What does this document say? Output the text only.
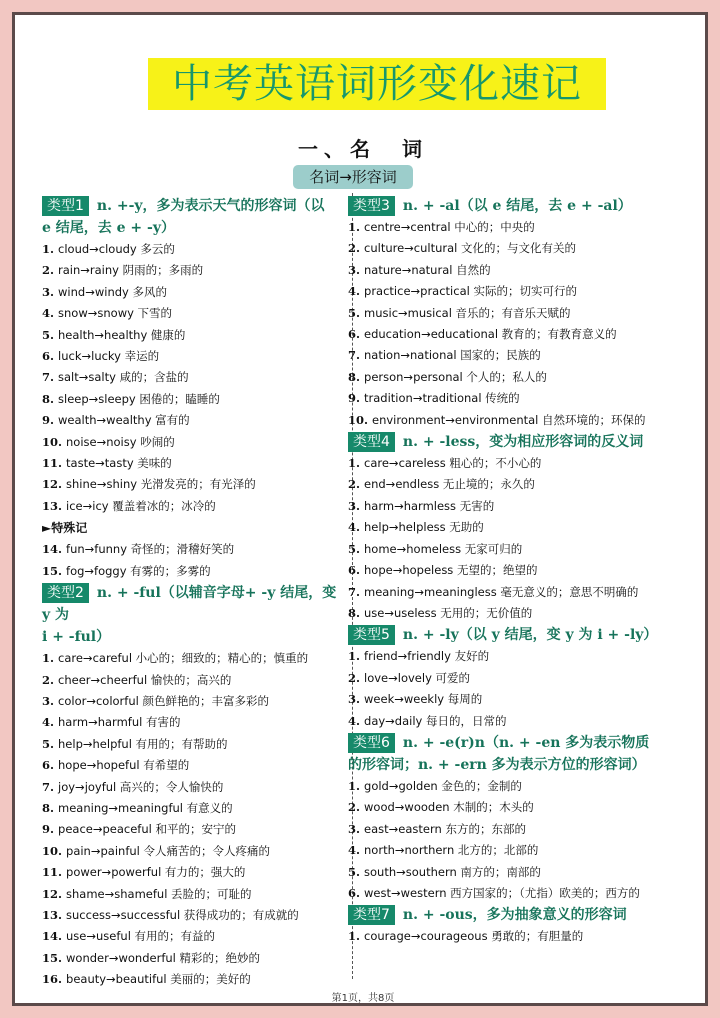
中考英语词形变化速记
一、名　词
名词→形容词
类型1 n. +-y，多为表示天气的形容词（以
e 结尾，去 e + -y）
1. cloud→cloudy 多云的
2. rain→rainy 阴雨的；多雨的
3. wind→windy 多风的
4. snow→snowy 下雪的
5. health→healthy 健康的
6. luck→lucky 幸运的
7. salt→salty 咸的；含盐的
8. sleep→sleepy 困倦的；瞌睡的
9. wealth→wealthy 富有的
10. noise→noisy 吵闹的
11. taste→tasty 美味的
12. shine→shiny 光滑发亮的；有光泽的
13. ice→icy 覆盖着冰的；冰冷的
►特殊记
14. fun→funny 奇怪的；滑稽好笑的
15. fog→foggy 有雾的；多雾的
类型2 n. + -ful（以辅音字母+ -y 结尾，变 y 为
i + -ful）
1. care→careful 小心的；细致的；精心的；慎重的
2. cheer→cheerful 愉快的；高兴的
3. color→colorful 颜色鲜艳的；丰富多彩的
4. harm→harmful 有害的
5. help→helpful 有用的；有帮助的
6. hope→hopeful 有希望的
7. joy→joyful 高兴的；令人愉快的
8. meaning→meaningful 有意义的
9. peace→peaceful 和平的；安宁的
10. pain→painful 令人痛苦的；令人疼痛的
11. power→powerful 有力的；强大的
12. shame→shameful 丢脸的；可耻的
13. success→successful 获得成功的；有成就的
14. use→useful 有用的；有益的
15. wonder→wonderful 精彩的；绝妙的
16. beauty→beautiful 美丽的；美好的
类型3 n. + -al（以 e 结尾，去 e + -al）
1. centre→central 中心的；中央的
2. culture→cultural 文化的；与文化有关的
3. nature→natural 自然的
4. practice→practical 实际的；切实可行的
5. music→musical 音乐的；有音乐天赋的
6. education→educational 教育的；有教育意义的
7. nation→national 国家的；民族的
8. person→personal 个人的；私人的
9. tradition→traditional 传统的
10. environment→environmental 自然环境的；环保的
类型4 n. + -less，变为相应形容词的反义词
1. care→careless 粗心的；不小心的
2. end→endless 无止境的；永久的
3. harm→harmless 无害的
4. help→helpless 无助的
5. home→homeless 无家可归的
6. hope→hopeless 无望的；绝望的
7. meaning→meaningless 毫无意义的；意思不明确的
8. use→useless 无用的；无价值的
类型5 n. + -ly（以 y 结尾，变 y 为 i + -ly）
1. friend→friendly 友好的
2. love→lovely 可爱的
3. week→weekly 每周的
4. day→daily 每日的，日常的
类型6 n. + -e(r)n（n. + -en 多为表示物质
的形容词；n. + -ern 多为表示方位的形容词）
1. gold→golden 金色的；金制的
2. wood→wooden 木制的；木头的
3. east→eastern 东方的；东部的
4. north→northern 北方的；北部的
5. south→southern 南方的；南部的
6. west→western 西方国家的；（尤指）欧美的；西方的
类型7 n. + -ous，多为抽象意义的形容词
1. courage→courageous 勇敢的；有胆量的
第1页，共8页
